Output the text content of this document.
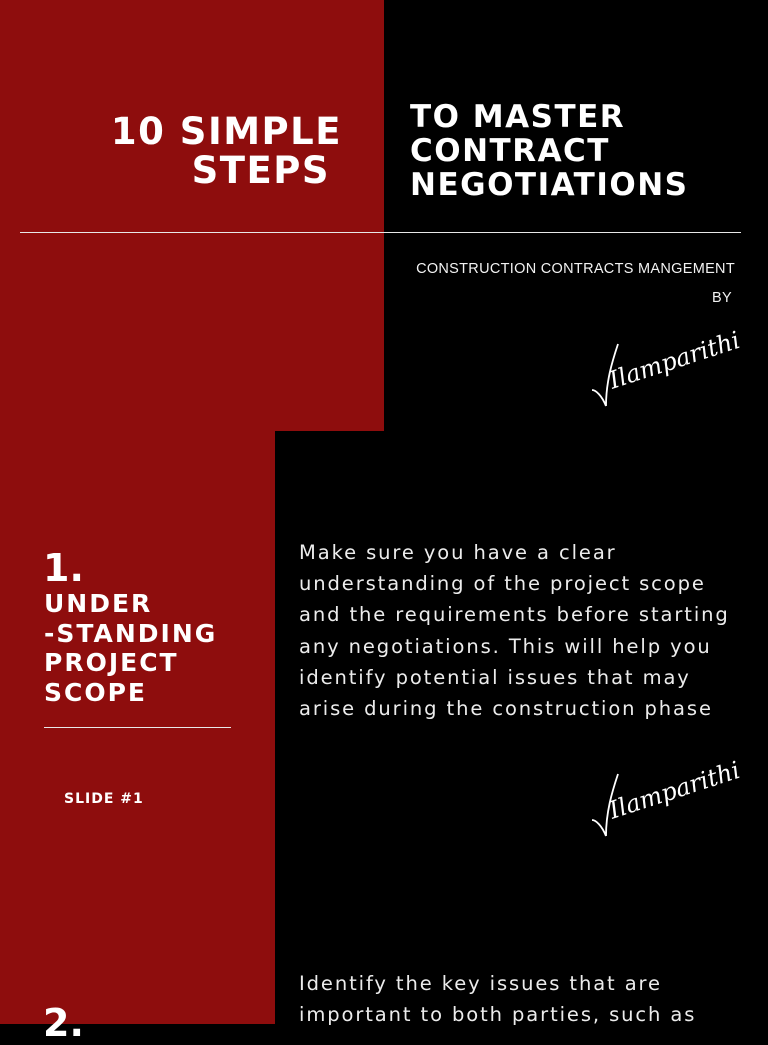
10 SIMPLE
STEPS
TO MASTER
CONTRACT
NEGOTIATIONS
CONSTRUCTION CONTRACTS MANGEMENT
BY
Ilamparithi
1.
UNDER
-STANDING
PROJECT
SCOPE
SLIDE #1
Make sure you have a clear understanding of the project scope and the requirements before starting any negotiations. This will help you identify potential issues that may arise during the construction phase
Ilamparithi
2.
Identify the key issues that are important to both parties, such as
